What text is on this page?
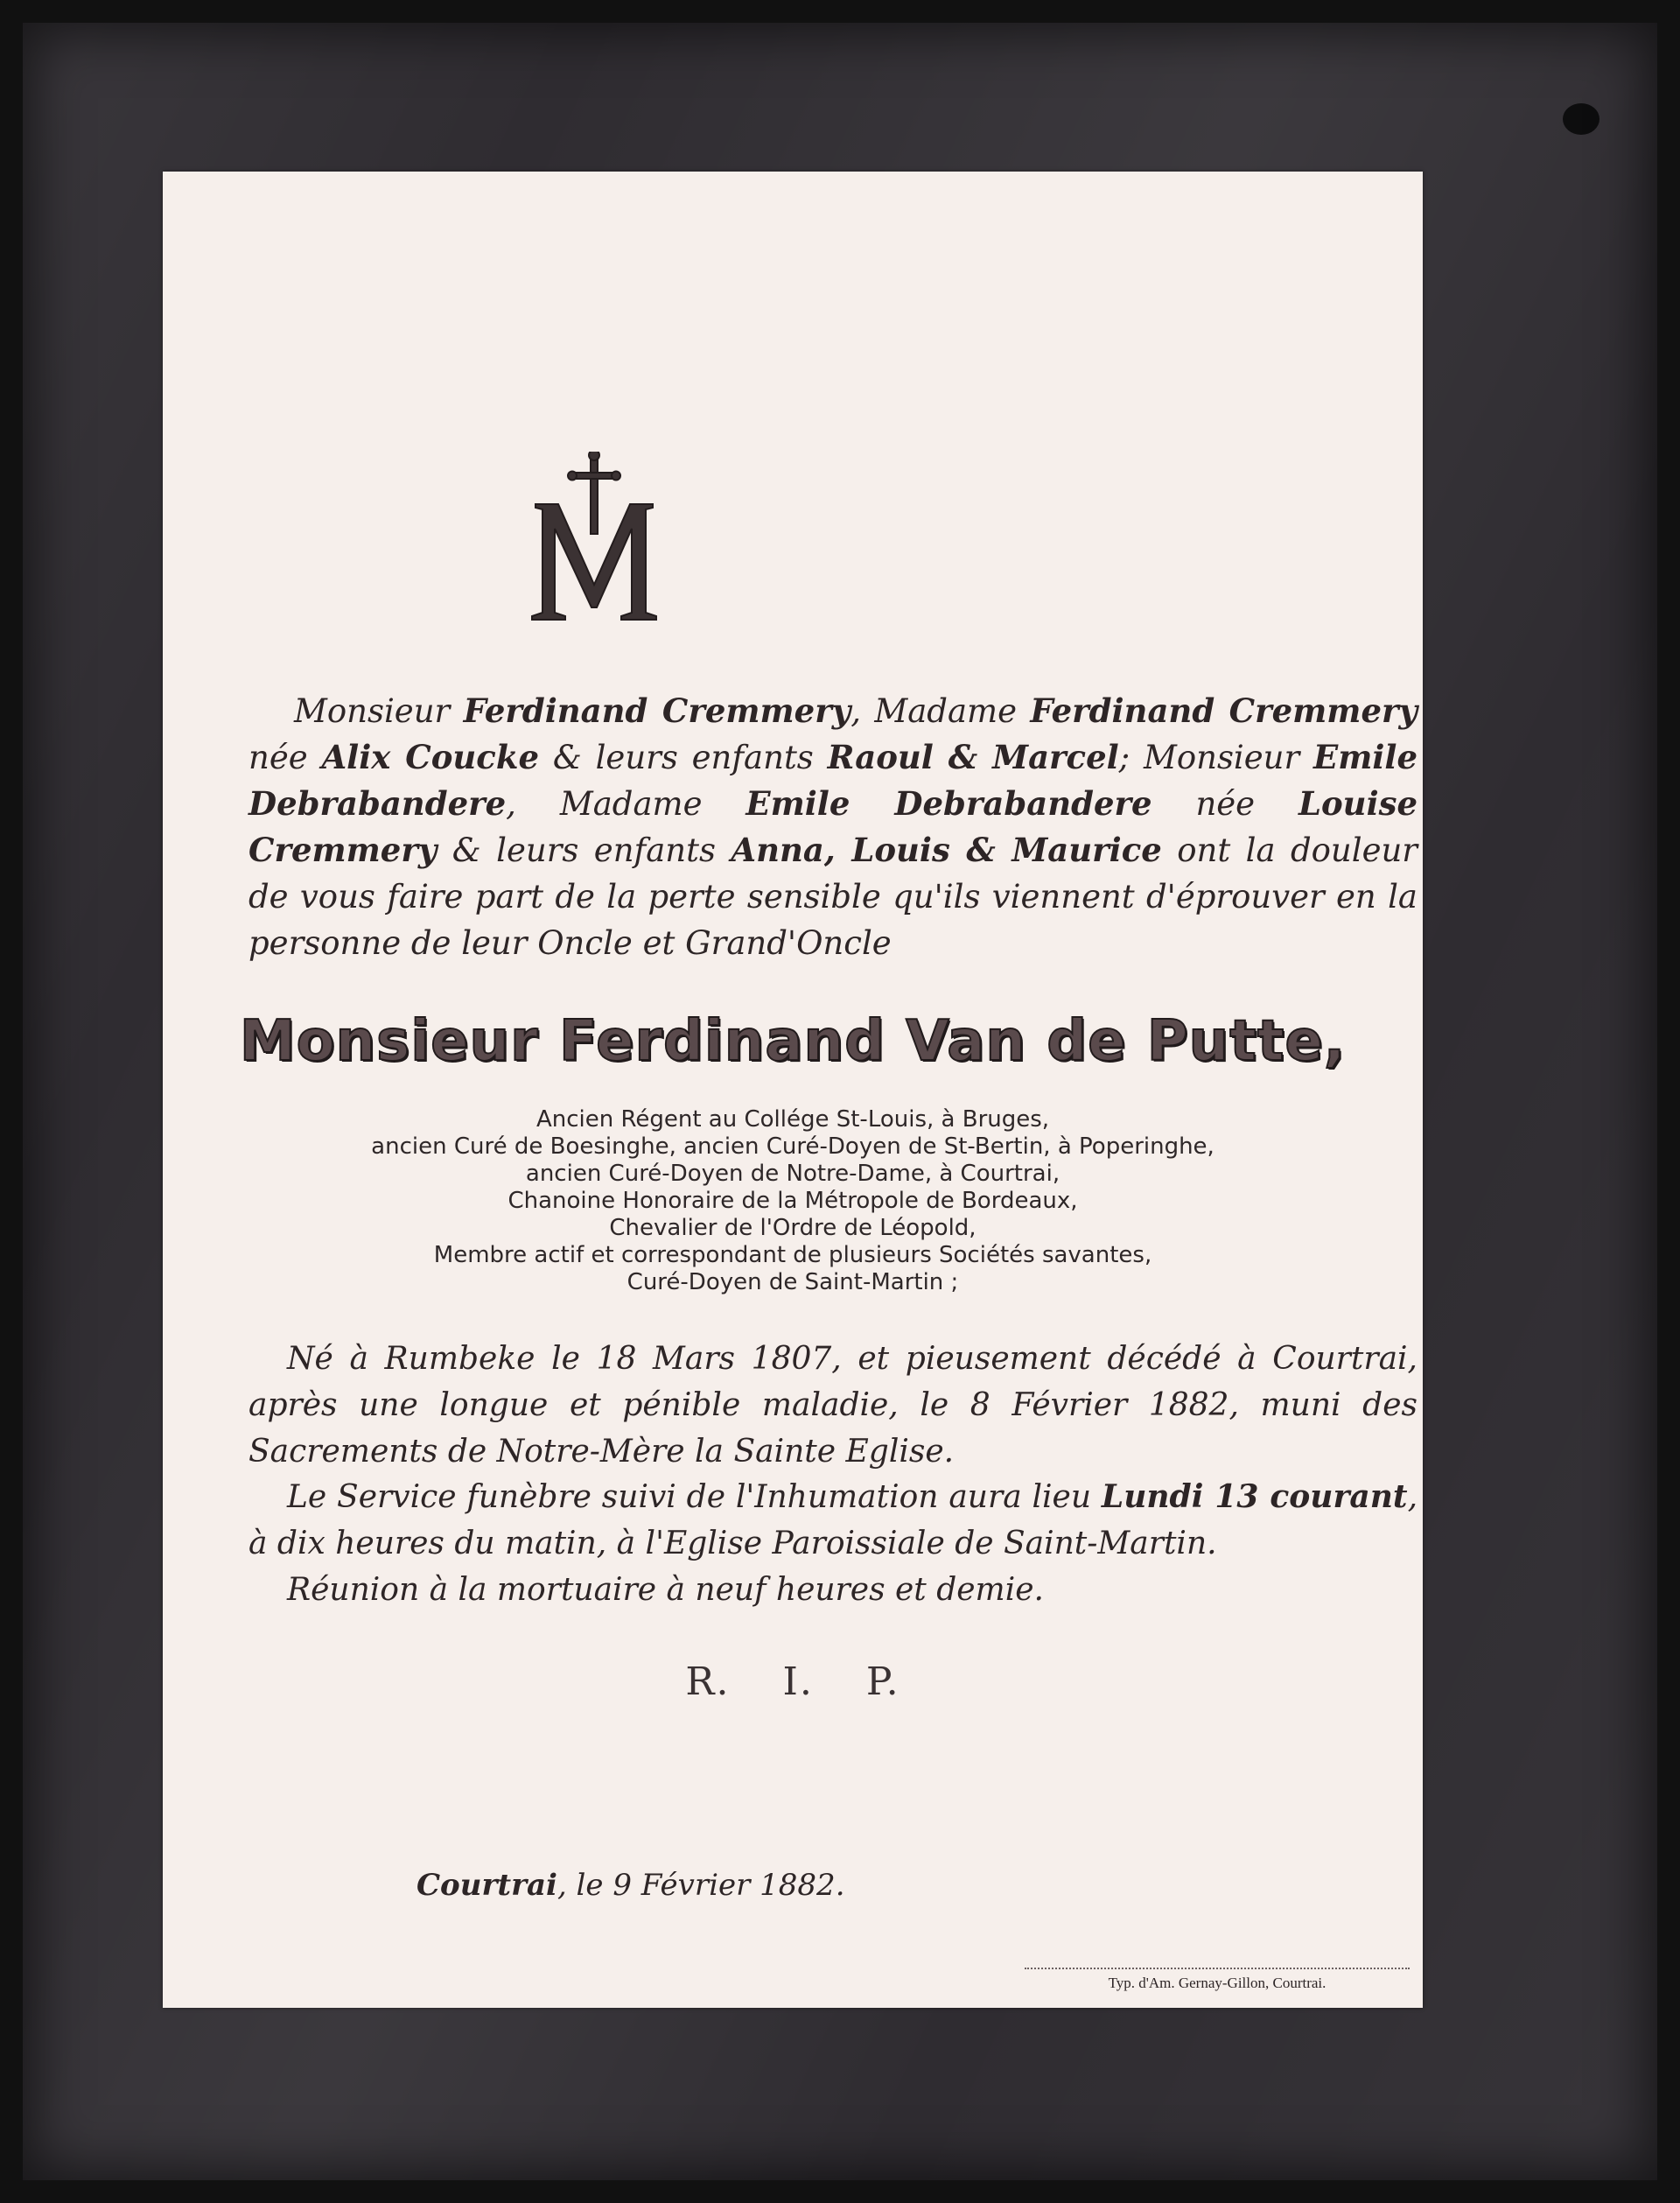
Monsieur Ferdinand Cremmery, Madame Ferdinand Cremmery née Alix Coucke & leurs enfants Raoul & Marcel; Monsieur Emile Debrabandere, Madame Emile Debrabandere née Louise Cremmery & leurs enfants Anna, Louis & Maurice ont la douleur de vous faire part de la perte sensible qu'ils viennent d'éprouver en la personne de leur Oncle et Grand'Oncle
Monsieur Ferdinand Van de Putte,
Ancien Régent au Collége St-Louis, à Bruges,
ancien Curé de Boesinghe, ancien Curé-Doyen de St-Bertin, à Poperinghe,
ancien Curé-Doyen de Notre-Dame, à Courtrai,
Chanoine Honoraire de la Métropole de Bordeaux,
Chevalier de l'Ordre de Léopold,
Membre actif et correspondant de plusieurs Sociétés savantes,
Curé-Doyen de Saint-Martin ;
Né à Rumbeke le 18 Mars 1807, et pieusement décédé à Courtrai, après une longue et pénible maladie, le 8 Février 1882, muni des Sacrements de Notre-Mère la Sainte Eglise.
Le Service funèbre suivi de l'Inhumation aura lieu Lundi 13 courant, à dix heures du matin, à l'Eglise Paroissiale de Saint-Martin.
Réunion à la mortuaire à neuf heures et demie.
R. I. P.
Courtrai, le 9 Février 1882.
Typ. d'Am. Gernay-Gillon, Courtrai.
